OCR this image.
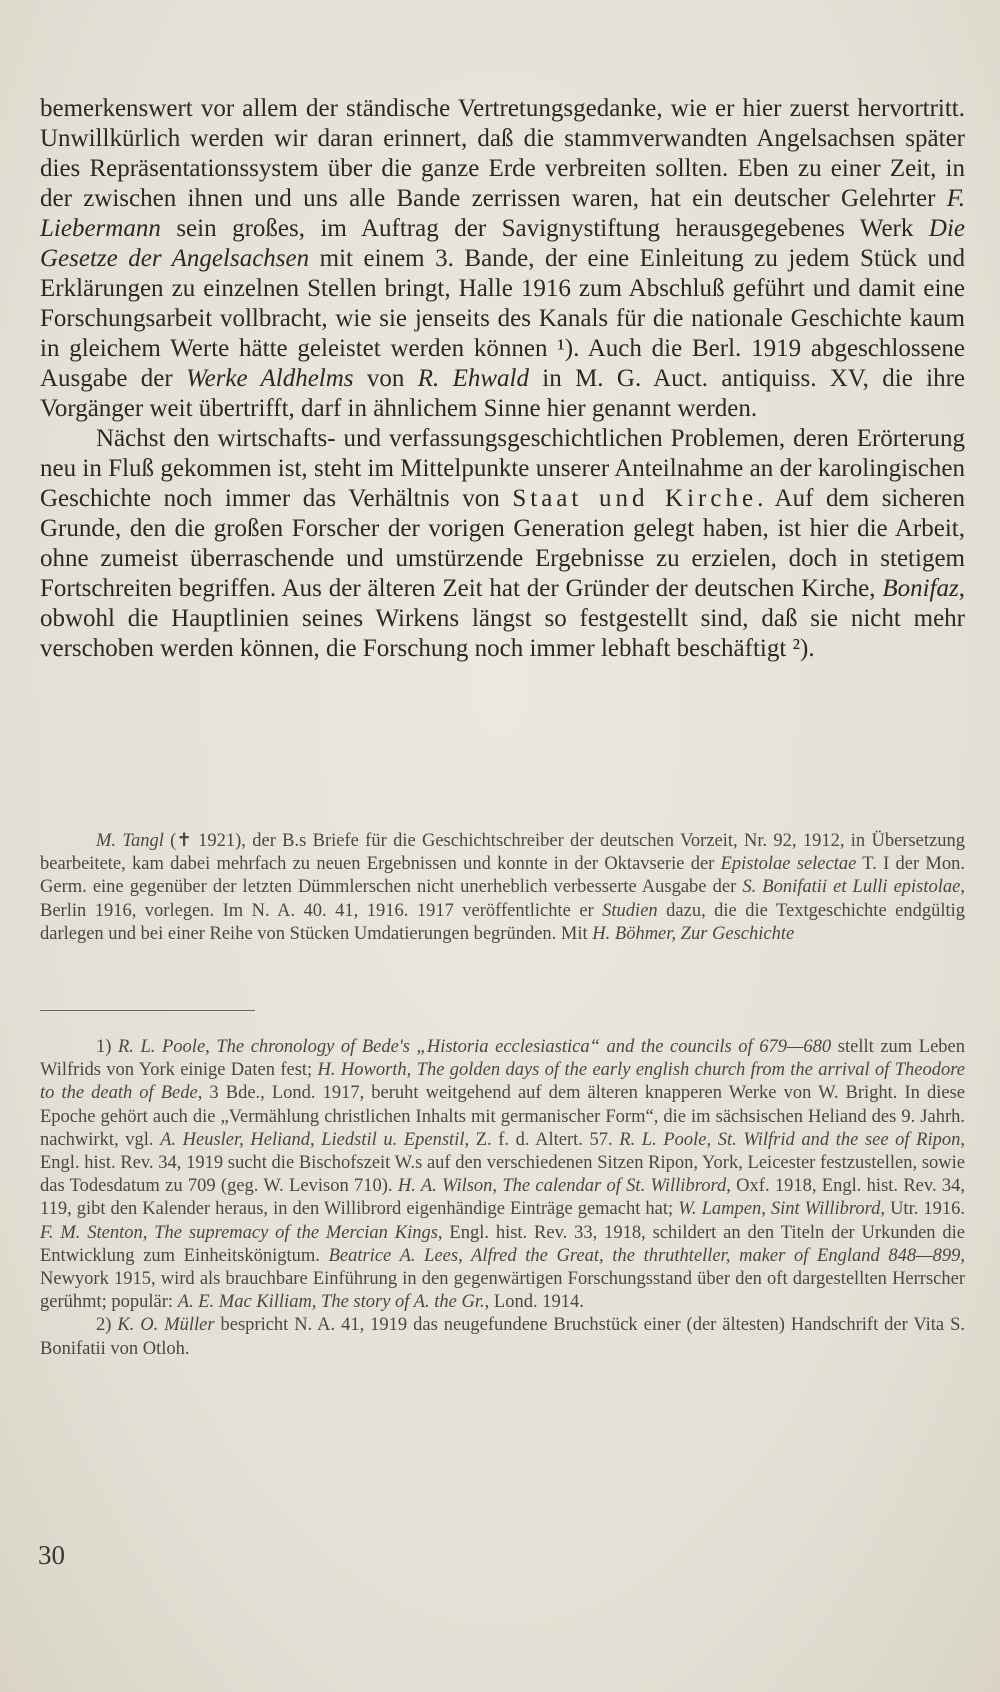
bemerkenswert vor allem der ständische Vertretungsgedanke, wie er hier zuerst hervortritt. Unwillkürlich werden wir daran erinnert, daß die stammverwandten Angelsachsen später dies Repräsentationssystem über die ganze Erde verbreiten sollten. Eben zu einer Zeit, in der zwischen ihnen und uns alle Bande zerrissen waren, hat ein deutscher Gelehrter F. Liebermann sein großes, im Auftrag der Savignystiftung herausgegebenes Werk Die Gesetze der Angelsachsen mit einem 3. Bande, der eine Einleitung zu jedem Stück und Erklärungen zu einzelnen Stellen bringt, Halle 1916 zum Abschluß geführt und damit eine Forschungsarbeit vollbracht, wie sie jenseits des Kanals für die nationale Geschichte kaum in gleichem Werte hätte geleistet werden können ¹). Auch die Berl. 1919 abgeschlossene Ausgabe der Werke Aldhelms von R. Ehwald in M. G. Auct. antiquiss. XV, die ihre Vorgänger weit übertrifft, darf in ähnlichem Sinne hier genannt werden.

Nächst den wirtschafts- und verfassungsgeschichtlichen Problemen, deren Erörterung neu in Fluß gekommen ist, steht im Mittelpunkte unserer Anteilnahme an der karolingischen Geschichte noch immer das Verhältnis von Staat und Kirche. Auf dem sicheren Grunde, den die großen Forscher der vorigen Generation gelegt haben, ist hier die Arbeit, ohne zumeist überraschende und umstürzende Ergebnisse zu erzielen, doch in stetigem Fortschreiten begriffen. Aus der älteren Zeit hat der Gründer der deutschen Kirche, Bonifaz, obwohl die Hauptlinien seines Wirkens längst so festgestellt sind, daß sie nicht mehr verschoben werden können, die Forschung noch immer lebhaft beschäftigt ²).

M. Tangl (✝ 1921), der B.s Briefe für die Geschichtschreiber der deutschen Vorzeit, Nr. 92, 1912, in Übersetzung bearbeitete, kam dabei mehrfach zu neuen Ergebnissen und konnte in der Oktavserie der Epistolae selectae T. I der Mon. Germ. eine gegenüber der letzten Dümmlerschen nicht unerheblich verbesserte Ausgabe der S. Bonifatii et Lulli epistolae, Berlin 1916, vorlegen. Im N. A. 40. 41, 1916. 1917 veröffentlichte er Studien dazu, die die Textgeschichte endgültig darlegen und bei einer Reihe von Stücken Umdatierungen begründen. Mit H. Böhmer, Zur Geschichte

1) R. L. Poole, The chronology of Bede's „Historia ecclesiastica“ and the councils of 679—680 stellt zum Leben Wilfrids von York einige Daten fest; H. Howorth, The golden days of the early english church from the arrival of Theodore to the death of Bede, 3 Bde., Lond. 1917, beruht weitgehend auf dem älteren knapperen Werke von W. Bright. In diese Epoche gehört auch die „Vermählung christlichen Inhalts mit germanischer Form“, die im sächsischen Heliand des 9. Jahrh. nachwirkt, vgl. A. Heusler, Heliand, Liedstil u. Epenstil, Z. f. d. Altert. 57. R. L. Poole, St. Wilfrid and the see of Ripon, Engl. hist. Rev. 34, 1919 sucht die Bischofszeit W.s auf den verschiedenen Sitzen Ripon, York, Leicester festzustellen, sowie das Todesdatum zu 709 (geg. W. Levison 710). H. A. Wilson, The calendar of St. Willibrord, Oxf. 1918, Engl. hist. Rev. 34, 119, gibt den Kalender heraus, in den Willibrord eigenhändige Einträge gemacht hat; W. Lampen, Sint Willibrord, Utr. 1916. F. M. Stenton, The supremacy of the Mercian Kings, Engl. hist. Rev. 33, 1918, schildert an den Titeln der Urkunden die Entwicklung zum Einheitskönigtum. Beatrice A. Lees, Alfred the Great, the thruthteller, maker of England 848—899, Newyork 1915, wird als brauchbare Einführung in den gegenwärtigen Forschungsstand über den oft dargestellten Herrscher gerühmt; populär: A. E. Mac Killiam, The story of A. the Gr., Lond. 1914.

2) K. O. Müller bespricht N. A. 41, 1919 das neugefundene Bruchstück einer (der ältesten) Handschrift der Vita S. Bonifatii von Otloh.

30
